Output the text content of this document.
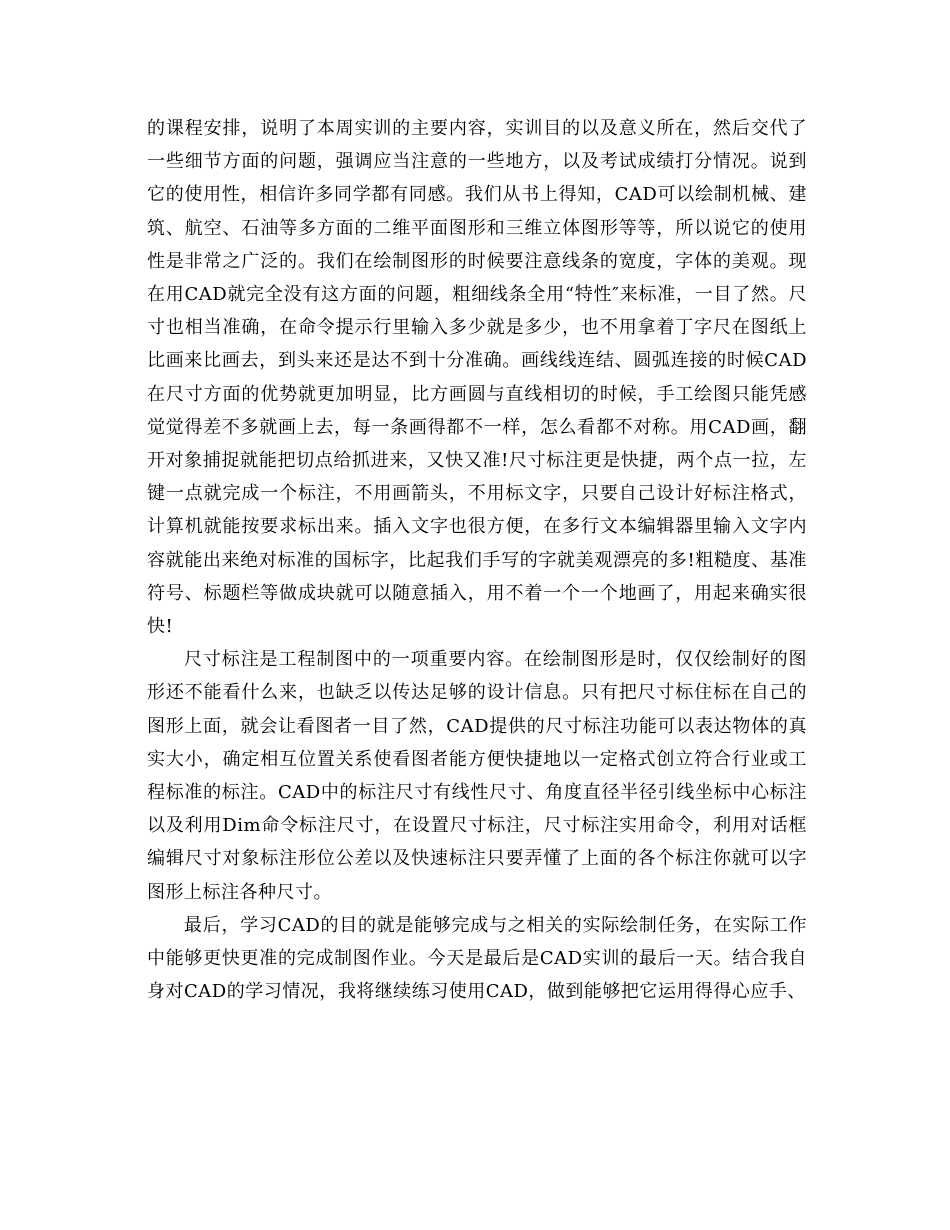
的课程安排，说明了本周实训的主要内容，实训目的以及意义所在，然后交代了一些细节方面的问题，强调应当注意的一些地方，以及考试成绩打分情况。说到它的使用性，相信许多同学都有同感。我们从书上得知，CAD可以绘制机械、建筑、航空、石油等多方面的二维平面图形和三维立体图形等等，所以说它的使用性是非常之广泛的。我们在绘制图形的时候要注意线条的宽度，字体的美观。现在用CAD就完全没有这方面的问题，粗细线条全用“特性″来标准，一目了然。尺寸也相当准确，在命令提示行里输入多少就是多少，也不用拿着丁字尺在图纸上比画来比画去，到头来还是达不到十分准确。画线线连结、圆弧连接的时候CAD在尺寸方面的优势就更加明显，比方画圆与直线相切的时候，手工绘图只能凭感觉觉得差不多就画上去，每一条画得都不一样，怎么看都不对称。用CAD画，翻开对象捕捉就能把切点给抓进来，又快又准!尺寸标注更是快捷，两个点一拉，左键一点就完成一个标注，不用画箭头，不用标文字，只要自己设计好标注格式，计算机就能按要求标出来。插入文字也很方便，在多行文本编辑器里输入文字内容就能出来绝对标准的国标字，比起我们手写的字就美观漂亮的多!粗糙度、基准符号、标题栏等做成块就可以随意插入，用不着一个一个地画了，用起来确实很快!

尺寸标注是工程制图中的一项重要内容。在绘制图形是时，仅仅绘制好的图形还不能看什么来，也缺乏以传达足够的设计信息。只有把尺寸标住标在自己的图形上面，就会让看图者一目了然，CAD提供的尺寸标注功能可以表达物体的真实大小，确定相互位置关系使看图者能方便快捷地以一定格式创立符合行业或工程标准的标注。CAD中的标注尺寸有线性尺寸、角度直径半径引线坐标中心标注以及利用Dim命令标注尺寸，在设置尺寸标注，尺寸标注实用命令，利用对话框编辑尺寸对象标注形位公差以及快速标注只要弄懂了上面的各个标注你就可以字图形上标注各种尺寸。

最后，学习CAD的目的就是能够完成与之相关的实际绘制任务，在实际工作中能够更快更准的完成制图作业。今天是最后是CAD实训的最后一天。结合我自身对CAD的学习情况，我将继续练习使用CAD，做到能够把它运用得得心应手、
